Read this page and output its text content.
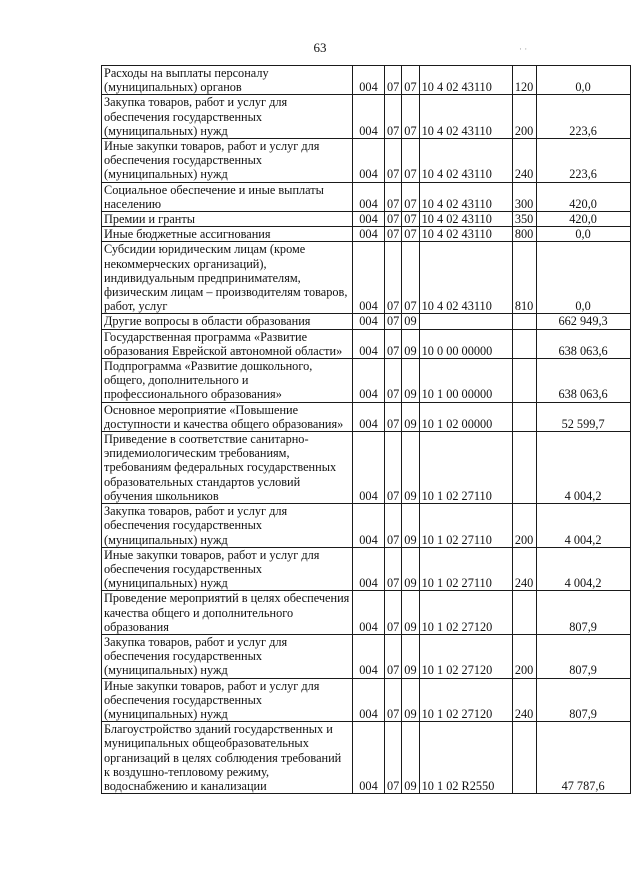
63	· ·
Расходы на выплаты персоналу (муниципальных) органов	004	07	07	10 4 02 43110	120	0,0
Закупка товаров, работ и услуг для обеспечения государственных (муниципальных) нужд	004	07	07	10 4 02 43110	200	223,6
Иные закупки товаров, работ и услуг для обеспечения государственных (муниципальных) нужд	004	07	07	10 4 02 43110	240	223,6
Социальное обеспечение и иные выплаты населению	004	07	07	10 4 02 43110	300	420,0
Премии и гранты	004	07	07	10 4 02 43110	350	420,0
Иные бюджетные ассигнования	004	07	07	10 4 02 43110	800	0,0
Субсидии юридическим лицам (кроме некоммерческих организаций), индивидуальным предпринимателям, физическим лицам – производителям товаров, работ, услуг	004	07	07	10 4 02 43110	810	0,0
Другие вопросы в области образования	004	07	09			662 949,3
Государственная программа «Развитие образования Еврейской автономной области»	004	07	09	10 0 00 00000		638 063,6
Подпрограмма «Развитие дошкольного, общего, дополнительного и профессионального образования»	004	07	09	10 1 00 00000		638 063,6
Основное мероприятие «Повышение доступности и качества общего образования»	004	07	09	10 1 02 00000		52 599,7
Приведение в соответствие санитарно-эпидемиологическим требованиям, требованиям федеральных государственных образовательных стандартов условий обучения школьников	004	07	09	10 1 02 27110		4 004,2
Закупка товаров, работ и услуг для обеспечения государственных (муниципальных) нужд	004	07	09	10 1 02 27110	200	4 004,2
Иные закупки товаров, работ и услуг для обеспечения государственных (муниципальных) нужд	004	07	09	10 1 02 27110	240	4 004,2
Проведение мероприятий в целях обеспечения качества общего и дополнительного образования	004	07	09	10 1 02 27120		807,9
Закупка товаров, работ и услуг для обеспечения государственных (муниципальных) нужд	004	07	09	10 1 02 27120	200	807,9
Иные закупки товаров, работ и услуг для обеспечения государственных (муниципальных) нужд	004	07	09	10 1 02 27120	240	807,9
Благоустройство зданий государственных и муниципальных общеобразовательных организаций в целях соблюдения требований к воздушно-тепловому режиму, водоснабжению и канализации	004	07	09	10 1 02 R2550		47 787,6
